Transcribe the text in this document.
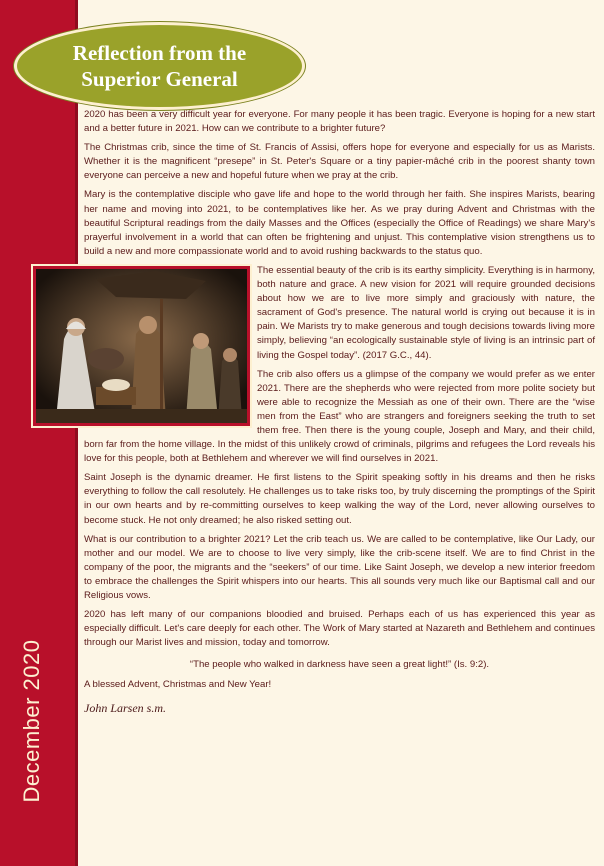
December 2020
Reflection from the
Superior General

2020 has been a very difficult year for everyone. For many people it has been tragic. Everyone is hoping for a new start and a better future in 2021. How can we contribute to a brighter future?

The Christmas crib, since the time of St. Francis of Assisi, offers hope for everyone and especially for us as Marists. Whether it is the magnificent “presepe” in St. Peter's Square or a tiny papier-mâché crib in the poorest shanty town everyone can perceive a new and hopeful future when we pray at the crib.

Mary is the contemplative disciple who gave life and hope to the world through her faith. She inspires Marists, bearing her name and moving into 2021, to be contemplatives like her. As we pray during Advent and Christmas with the beautiful Scriptural readings from the daily Masses and the Offices (especially the Office of Readings) we share Mary's prayerful involvement in a world that can often be frightening and unjust. This contemplative vision strengthens us to build a new and more compassionate world and to avoid rushing backwards to the status quo.

The essential beauty of the crib is its earthy simplicity. Everything is in harmony, both nature and grace. A new vision for 2021 will require grounded decisions about how we are to live more simply and graciously with nature, the sacrament of God's presence. The natural world is crying out because it is in pain. We Marists try to make generous and tough decisions towards living more simply, believing “an ecologically sustainable style of living is an intrinsic part of living the Gospel today”. (2017 G.C., 44).

The crib also offers us a glimpse of the company we would prefer as we enter 2021. There are the shepherds who were rejected from more polite society but were able to recognize the Messiah as one of their own. There are the “wise men from the East” who are strangers and foreigners seeking the truth to set them free. Then there is the young couple, Joseph and Mary, and their child, born far from the home village. In the midst of this unlikely crowd of criminals, pilgrims and refugees the Lord reveals his love for this people, both at Bethlehem and wherever we will find ourselves in 2021.

Saint Joseph is the dynamic dreamer. He first listens to the Spirit speaking softly in his dreams and then he risks everything to follow the call resolutely. He challenges us to take risks too, by truly discerning the promptings of the Spirit in our own hearts and by re-committing ourselves to keep walking the way of the Lord, never allowing ourselves to become stuck. He not only dreamed; he also risked setting out.

What is our contribution to a brighter 2021? Let the crib teach us. We are called to be contemplative, like Our Lady, our mother and our model. We are to choose to live very simply, like the crib-scene itself. We are to find Christ in the company of the poor, the migrants and the “seekers” of our time. Like Saint Joseph, we develop a new interior freedom to embrace the challenges the Spirit whispers into our hearts. This all sounds very much like our Baptismal call and our Religious vows.

2020 has left many of our companions bloodied and bruised. Perhaps each of us has experienced this year as especially difficult. Let's care deeply for each other. The Work of Mary started at Nazareth and Bethlehem and continues through our Marist lives and mission, today and tomorrow.

“The people who walked in darkness have seen a great light!” (Is. 9:2).

A blessed Advent, Christmas and New Year!

John Larsen s.m.
